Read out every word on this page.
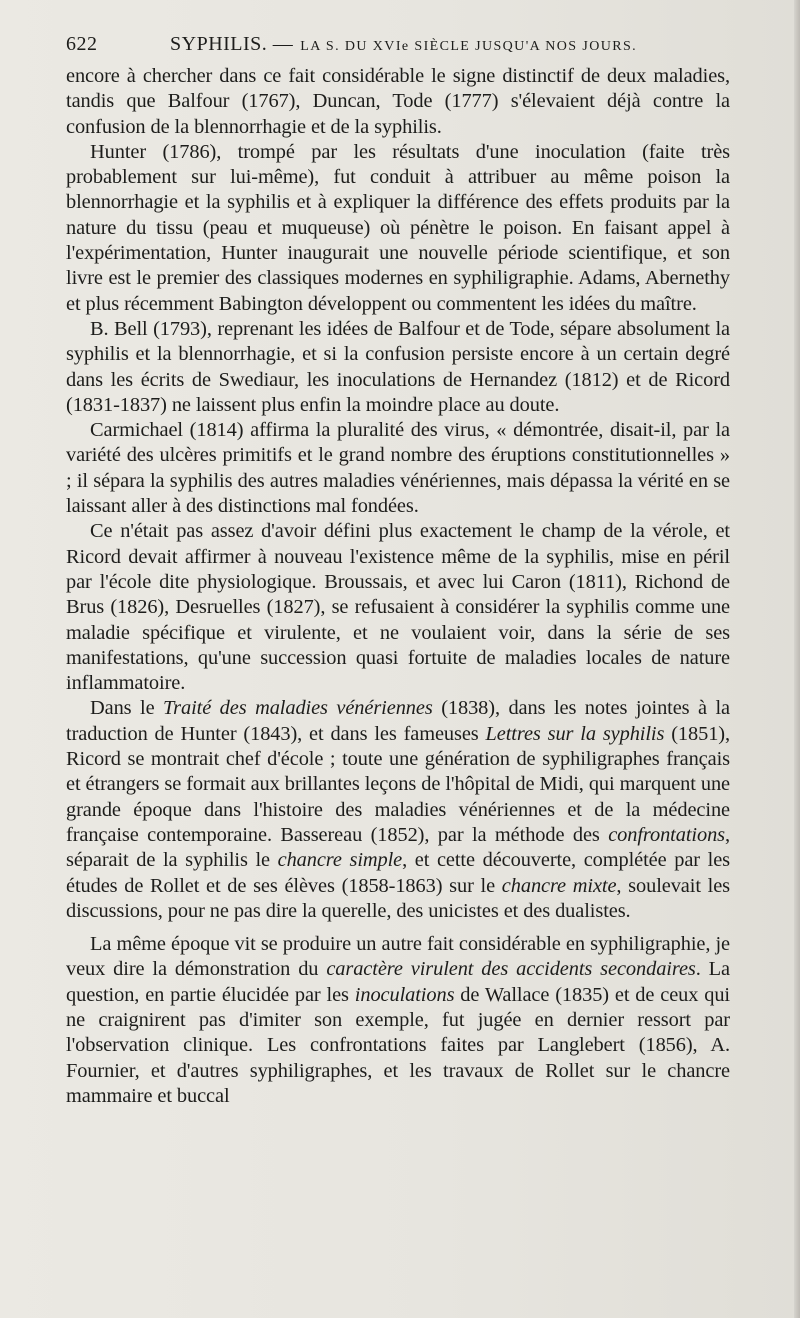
622	SYPHILIS. — LA S. DU XVIe SIÈCLE JUSQU'A NOS JOURS.

encore à chercher dans ce fait considérable le signe distinctif de deux maladies, tandis que Balfour (1767), Duncan, Tode (1777) s'élevaient déjà contre la confusion de la blennorrhagie et de la syphilis.

Hunter (1786), trompé par les résultats d'une inoculation (faite très probablement sur lui-même), fut conduit à attribuer au même poison la blennorrhagie et la syphilis et à expliquer la différence des effets produits par la nature du tissu (peau et muqueuse) où pénètre le poison. En faisant appel à l'expérimentation, Hunter inaugurait une nouvelle période scientifique, et son livre est le premier des classiques modernes en syphiligraphie. Adams, Abernethy et plus récemment Babington développent ou commentent les idées du maître.

B. Bell (1793), reprenant les idées de Balfour et de Tode, sépare absolument la syphilis et la blennorrhagie, et si la confusion persiste encore à un certain degré dans les écrits de Swediaur, les inoculations de Hernandez (1812) et de Ricord (1831-1837) ne laissent plus enfin la moindre place au doute.

Carmichael (1814) affirma la pluralité des virus, « démontrée, disait-il, par la variété des ulcères primitifs et le grand nombre des éruptions constitutionnelles » ; il sépara la syphilis des autres maladies vénériennes, mais dépassa la vérité en se laissant aller à des distinctions mal fondées.

Ce n'était pas assez d'avoir défini plus exactement le champ de la vérole, et Ricord devait affirmer à nouveau l'existence même de la syphilis, mise en péril par l'école dite physiologique. Broussais, et avec lui Caron (1811), Richond de Brus (1826), Desruelles (1827), se refusaient à considérer la syphilis comme une maladie spécifique et virulente, et ne voulaient voir, dans la série de ses manifestations, qu'une succession quasi fortuite de maladies locales de nature inflammatoire.

Dans le Traité des maladies vénériennes (1838), dans les notes jointes à la traduction de Hunter (1843), et dans les fameuses Lettres sur la syphilis (1851), Ricord se montrait chef d'école ; toute une génération de syphiligraphes français et étrangers se formait aux brillantes leçons de l'hôpital de Midi, qui marquent une grande époque dans l'histoire des maladies vénériennes et de la médecine française contemporaine. Bassereau (1852), par la méthode des confrontations, séparait de la syphilis le chancre simple, et cette découverte, complétée par les études de Rollet et de ses élèves (1858-1863) sur le chancre mixte, soulevait les discussions, pour ne pas dire la querelle, des unicistes et des dualistes.

La même époque vit se produire un autre fait considérable en syphiligraphie, je veux dire la démonstration du caractère virulent des accidents secondaires. La question, en partie élucidée par les inoculations de Wallace (1835) et de ceux qui ne craignirent pas d'imiter son exemple, fut jugée en dernier ressort par l'observation clinique. Les confrontations faites par Langlebert (1856), A. Fournier, et d'autres syphiligraphes, et les travaux de Rollet sur le chancre mammaire et buccal
